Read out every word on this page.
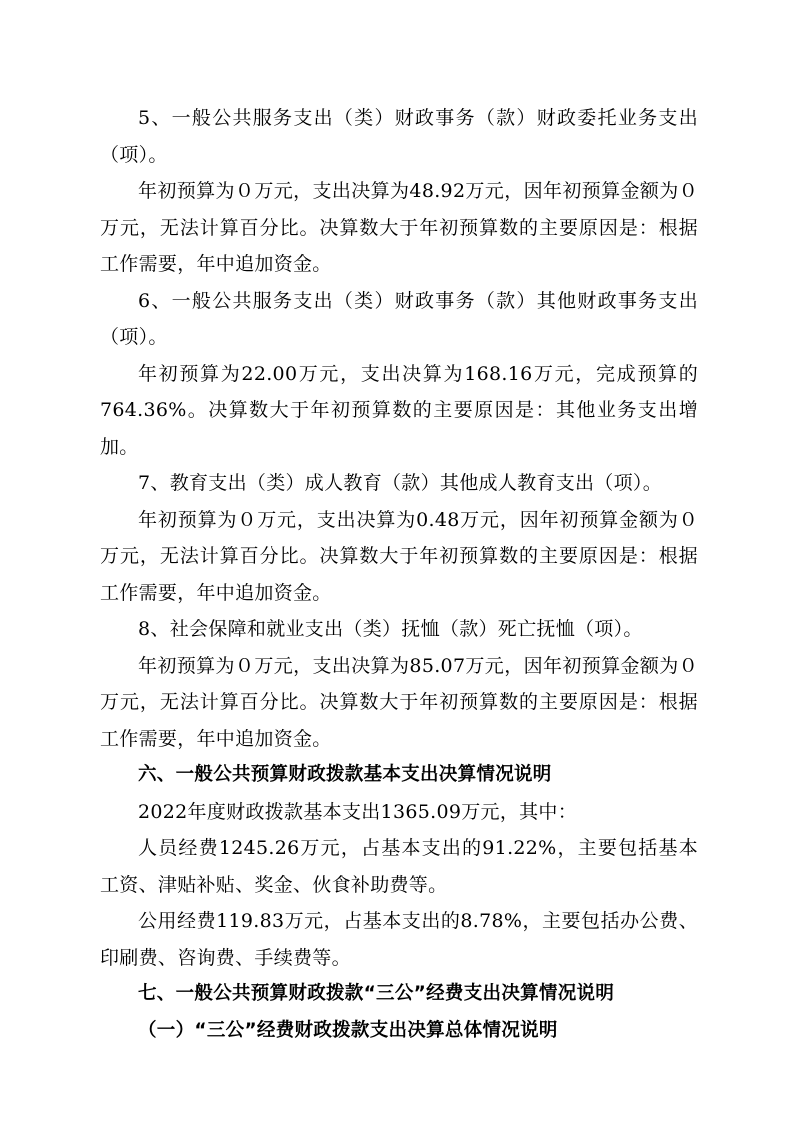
5、一般公共服务支出（类）财政事务（款）财政委托业务支出（项）。

年初预算为０万元，支出决算为48.92万元，因年初预算金额为０万元，无法计算百分比。决算数大于年初预算数的主要原因是：根据工作需要，年中追加资金。

6、一般公共服务支出（类）财政事务（款）其他财政事务支出（项）。

年初预算为22.00万元，支出决算为168.16万元，完成预算的764.36%。决算数大于年初预算数的主要原因是：其他业务支出增加。

7、教育支出（类）成人教育（款）其他成人教育支出（项）。

年初预算为０万元，支出决算为0.48万元，因年初预算金额为０万元，无法计算百分比。决算数大于年初预算数的主要原因是：根据工作需要，年中追加资金。

8、社会保障和就业支出（类）抚恤（款）死亡抚恤（项）。

年初预算为０万元，支出决算为85.07万元，因年初预算金额为０万元，无法计算百分比。决算数大于年初预算数的主要原因是：根据工作需要，年中追加资金。

六、一般公共预算财政拨款基本支出决算情况说明

2022年度财政拨款基本支出1365.09万元，其中：

人员经费1245.26万元，占基本支出的91.22%，主要包括基本工资、津贴补贴、奖金、伙食补助费等。

公用经费119.83万元，占基本支出的8.78%，主要包括办公费、印刷费、咨询费、手续费等。

七、一般公共预算财政拨款“三公”经费支出决算情况说明

（一）“三公”经费财政拨款支出决算总体情况说明
